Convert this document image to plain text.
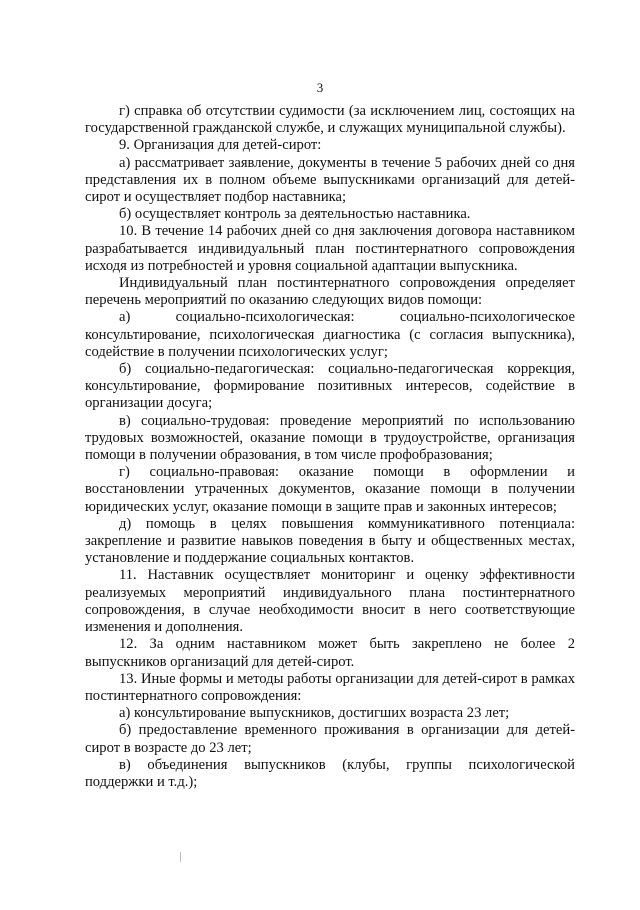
3

г) справка об отсутствии судимости (за исключением лиц, состоящих на государственной гражданской службе, и служащих муниципальной службы).

9. Организация для детей-сирот:

а) рассматривает заявление, документы в течение 5 рабочих дней со дня представления их в полном объеме выпускниками организаций для детей-сирот и осуществляет подбор наставника;

б) осуществляет контроль за деятельностью наставника.

10. В течение 14 рабочих дней со дня заключения договора наставником разрабатывается индивидуальный план постинтернатного сопровождения исходя из потребностей и уровня социальной адаптации выпускника.

Индивидуальный план постинтернатного сопровождения определяет перечень мероприятий по оказанию следующих видов помощи:

а) социально-психологическая: социально-психологическое консультирование, психологическая диагностика (с согласия выпускника), содействие в получении психологических услуг;

б) социально-педагогическая: социально-педагогическая коррекция, консультирование, формирование позитивных интересов, содействие в организации досуга;

в) социально-трудовая: проведение мероприятий по использованию трудовых возможностей, оказание помощи в трудоустройстве, организация помощи в получении образования, в том числе профобразования;

г) социально-правовая: оказание помощи в оформлении и восстановлении утраченных документов, оказание помощи в получении юридических услуг, оказание помощи в защите прав и законных интересов;

д) помощь в целях повышения коммуникативного потенциала: закрепление и развитие навыков поведения в быту и общественных местах, установление и поддержание социальных контактов.

11. Наставник осуществляет мониторинг и оценку эффективности реализуемых мероприятий индивидуального плана постинтернатного сопровождения, в случае необходимости вносит в него соответствующие изменения и дополнения.

12. За одним наставником может быть закреплено не более 2 выпускников организаций для детей-сирот.

13. Иные формы и методы работы организации для детей-сирот в рамках постинтернатного сопровождения:

а) консультирование выпускников, достигших возраста 23 лет;

б) предоставление временного проживания в организации для детей-сирот в возрасте до 23 лет;

в) объединения выпускников (клубы, группы психологической поддержки и т.д.);
